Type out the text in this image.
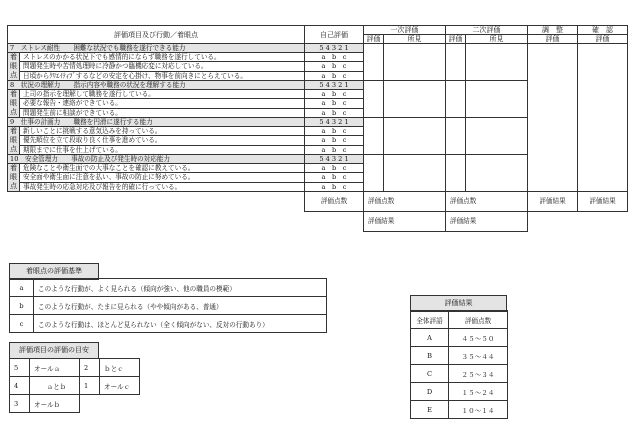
評価項目及び行動／着眼点		自己評価	一次評価		二次評価		調　整	確　認
			評価	所見	評価	所見	評価	評価
7　ストレス耐性　　困難な状況でも職務を遂行できる能力		5 4 3 2 1						
着眼点	ストレスのかかる状況下でも感情的にならず職務を遂行している。	a　b　c						
	問題発生時や苦情処理時に冷静かつ臨機応変に対応している。	a　b　c						
	日頃からｸﾘｴｲﾃｨﾌﾞするなどの安定を心掛け、物事を前向きにとらえている。	a　b　c						
8　状況の理解力　　指示内容や職務の状況を理解する能力		5 4 3 2 1						
着眼点	上司の指示を理解して職務を遂行している。	a　b　c						
	必要な報告・連絡ができている。	a　b　c						
	問題発生前に相談ができている。	a　b　c						
9　仕事の計画力　　職務を円滑に遂行する能力		5 4 3 2 1						
着眼点	新しいことに挑戦する意気込みを持っている。	a　b　c						
	優先順位を立て段取り良く仕事を進めている。	a　b　c						
	期限までに仕事を仕上げている。	a　b　c						
10　安全管理力　　事故の防止及び発生時の対応能力		5 4 3 2 1						
着眼点	危険なことや衛生面での大事なことを確認に教えている。	a　b　c						
	安全面や衛生面に注意を払い、事故の防止に努めている。	a　b　c						
	事故発生時の応急対応及び報告を的確に行っている。	a　b　c						
		評価点数	評価点数		評価点数		評価結果	評価結果
			評価結果		評価結果			
着眼点の評価基準
a	このような行動が、よく見られる（傾向が強い、他の職員の模範）
b	このような行動が、たまに見られる（やや傾向がある、普通）
c	このような行動は、ほとんど見られない（全く傾向がない、反対の行動あり）
評価項目の評価の目安
5	オールａ	2	ｂとｃ
4	ａとｂ	1	オールｃ
3	オールｂ		
評価結果
全体評語	評価点数
A	４５～５０
B	３５～４４
C	２５～３４
D	１５～２４
E	１０～１４
